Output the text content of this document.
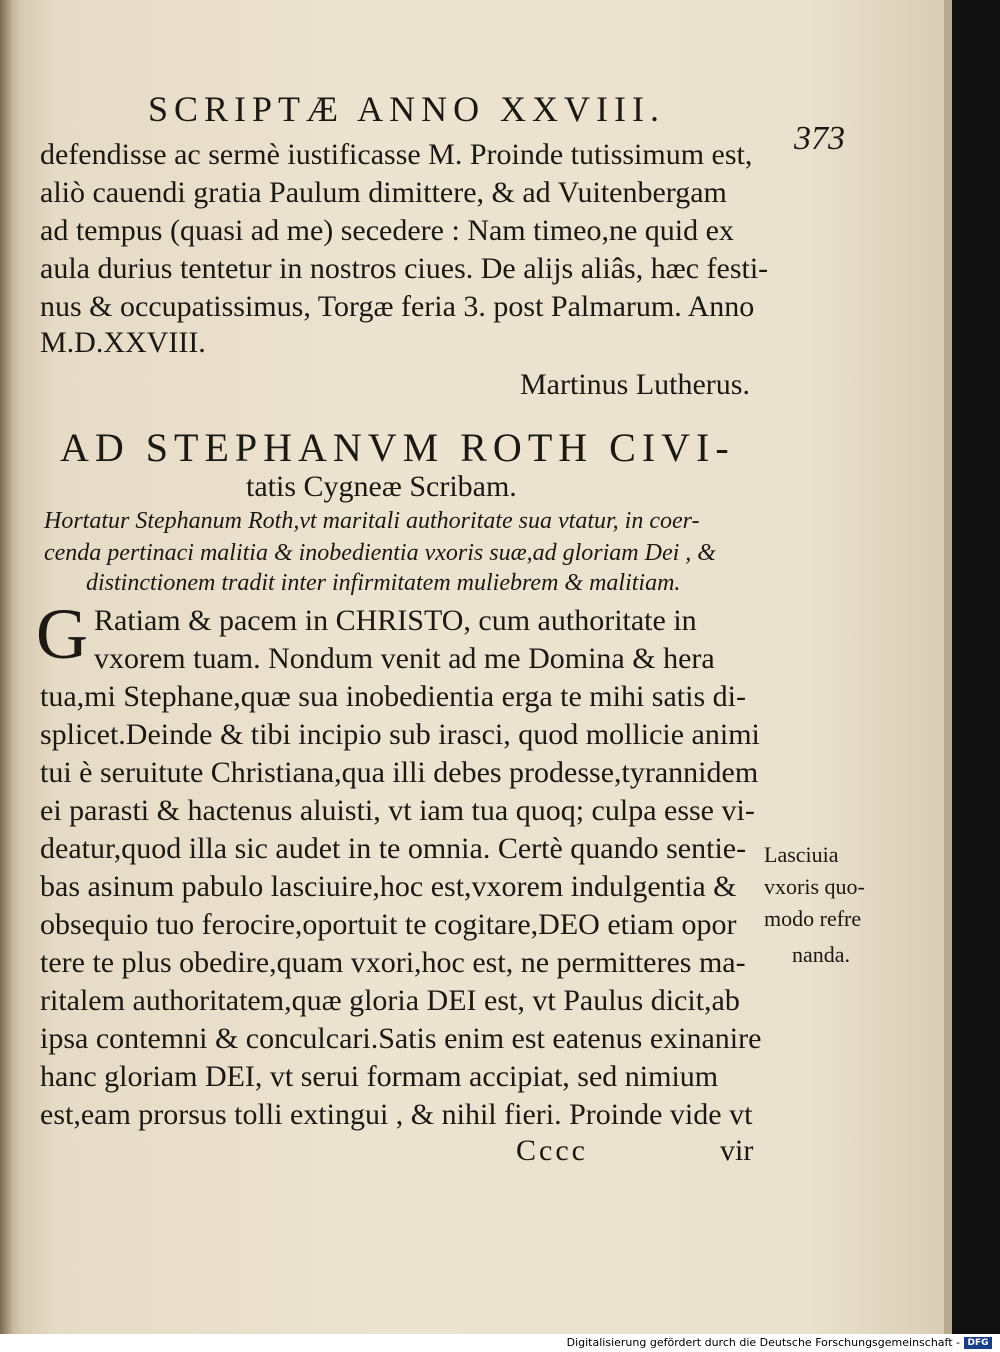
SCRIPTÆ ANNO XXVIII.
373
defendisse ac sermè iustificasse M. Proinde tutissimum est,
aliò cauendi gratia Paulum dimittere, & ad Vuitenbergam
ad tempus (quasi ad me) secedere : Nam timeo,ne quid ex
aula durius tentetur in nostros ciues. De alijs aliâs, hæc festi-
nus & occupatissimus, Torgæ feria 3. post Palmarum. Anno
M.D.XXVIII.
Martinus Lutherus.
AD STEPHANVM ROTH CIVI-
tatis Cygneæ Scribam.
Hortatur Stephanum Roth,vt maritali authoritate sua vtatur, in coer-
cenda pertinaci malitia & inobedientia vxoris suæ,ad gloriam Dei , &
distinctionem tradit inter infirmitatem muliebrem & malitiam.
G Ratiam & pacem in CHRISTO, cum authoritate in
vxorem tuam. Nondum venit ad me Domina & hera
tua,mi Stephane,quæ sua inobedientia erga te mihi satis di-
splicet.Deinde & tibi incipio sub irasci, quod mollicie animi
tui è seruitute Christiana,qua illi debes prodesse,tyrannidem
ei parasti & hactenus aluisti, vt iam tua quoq; culpa esse vi-
deatur,quod illa sic audet in te omnia. Certè quando sentie-
bas asinum pabulo lasciuire,hoc est,vxorem indulgentia &
obsequio tuo ferocire,oportuit te cogitare,DEO etiam opor
tere te plus obedire,quam vxori,hoc est, ne permitteres ma-
ritalem authoritatem,quæ gloria DEI est, vt Paulus dicit,ab
ipsa contemni & conculcari.Satis enim est eatenus exinanire
hanc gloriam DEI, vt serui formam accipiat, sed nimium
est,eam prorsus tolli extingui , & nihil fieri. Proinde vide vt
Lasciuia
vxoris quo-
modo refre
nanda.
Cccc	vir
Digitalisierung gefördert durch die Deutsche Forschungsgemeinschaft - DFG
